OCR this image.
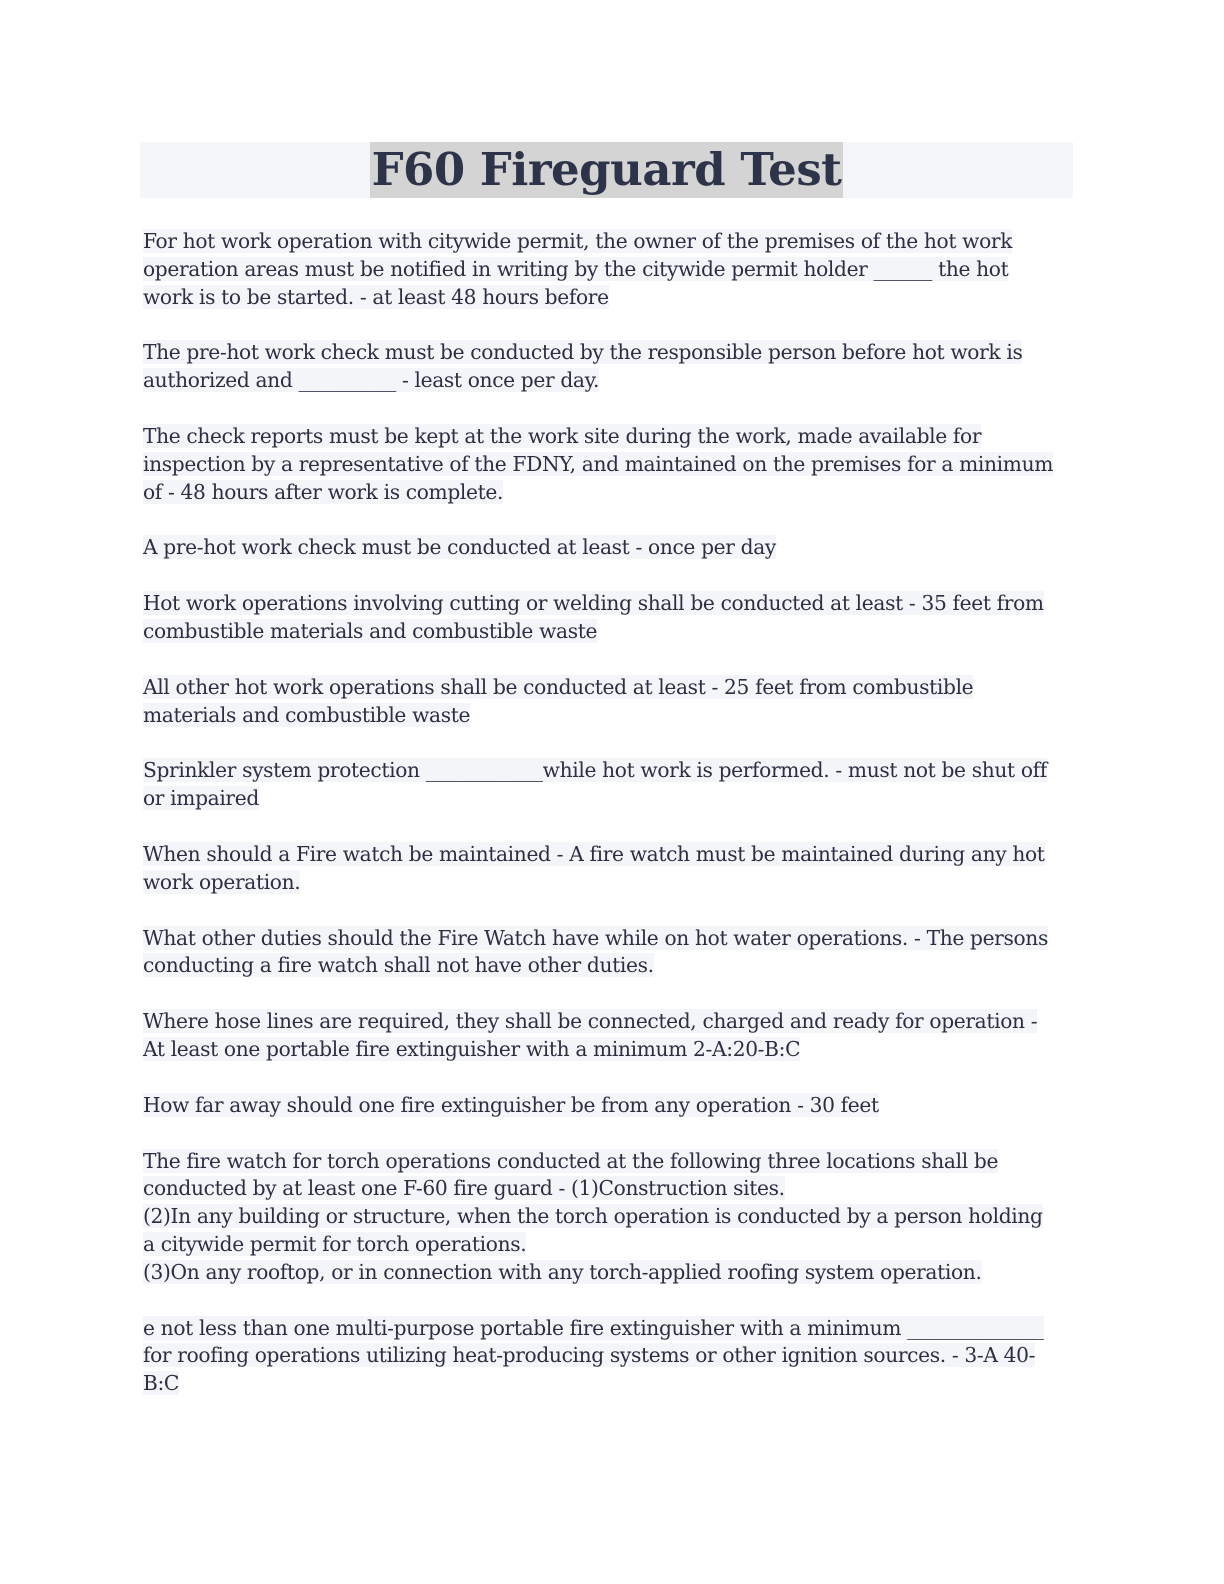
F60 Fireguard Test
For hot work operation with citywide permit, the owner of the premises of the hot work
operation areas must be notified in writing by the citywide permit holder ______ the hot
work is to be started. - at least 48 hours before
The pre-hot work check must be conducted by the responsible person before hot work is
authorized and __________ - least once per day.
The check reports must be kept at the work site during the work, made available for
inspection by a representative of the FDNY, and maintained on the premises for a minimum
of - 48 hours after work is complete.
A pre-hot work check must be conducted at least - once per day
Hot work operations involving cutting or welding shall be conducted at least - 35 feet from
combustible materials and combustible waste
All other hot work operations shall be conducted at least - 25 feet from combustible
materials and combustible waste
Sprinkler system protection ____________while hot work is performed. - must not be shut off
or impaired
When should a Fire watch be maintained - A fire watch must be maintained during any hot
work operation.
What other duties should the Fire Watch have while on hot water operations. - The persons
conducting a fire watch shall not have other duties.
Where hose lines are required, they shall be connected, charged and ready for operation -
At least one portable fire extinguisher with a minimum 2-A:20-B:C
How far away should one fire extinguisher be from any operation - 30 feet
The fire watch for torch operations conducted at the following three locations shall be
conducted by at least one F-60 fire guard - (1)Construction sites.
(2)In any building or structure, when the torch operation is conducted by a person holding
a citywide permit for torch operations.
(3)On any rooftop, or in connection with any torch-applied roofing system operation.
e not less than one multi-purpose portable fire extinguisher with a minimum ______________
for roofing operations utilizing heat-producing systems or other ignition sources. - 3-A 40-
B:C
